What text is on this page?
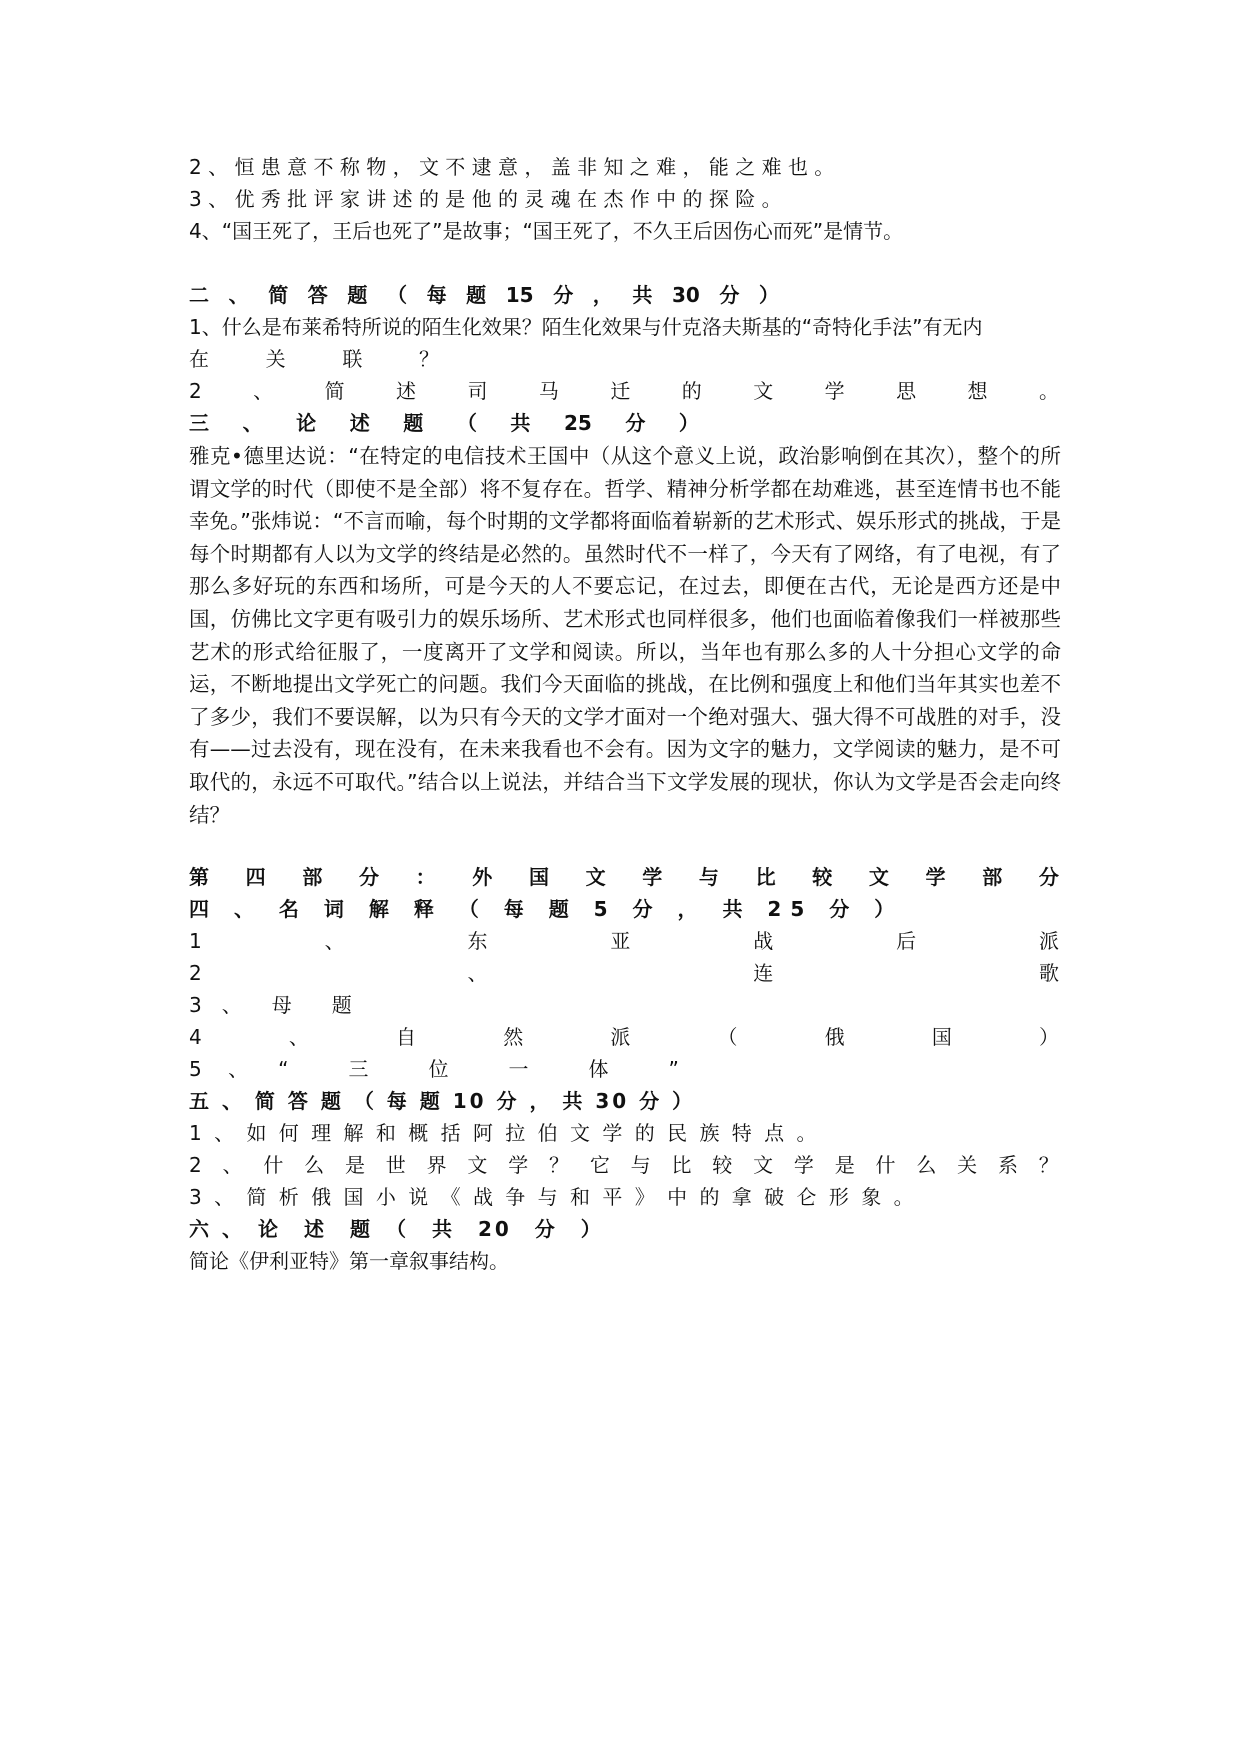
2 、 恒 患 意 不 称 物 ， 文 不 逮 意 ， 盖 非 知 之 难 ， 能 之 难 也 。
3 、 优 秀 批 评 家 讲 述 的 是 他 的 灵 魂 在 杰 作 中 的 探 险 。
4、“国王死了，王后也死了”是故事；“国王死了，不久王后因伤心而死”是情节。
二 、 简 答 题 （ 每 题 15 分 ， 共 30 分 ）
1、什么是布莱希特所说的陌生化效果？陌生化效果与什克洛夫斯基的“奇特化手法”有无内
在	关	联	？
2	、	简	述	司	马	迁	的	文	学	思	想	。
三 、 论 述 题 （ 共 25 分 ）
雅克•德里达说：“在特定的电信技术王国中（从这个意义上说，政治影响倒在其次），整个的所谓文学的时代（即使不是全部）将不复存在。哲学、精神分析学都在劫难逃，甚至连情书也不能幸免。”张炜说：“不言而喻，每个时期的文学都将面临着崭新的艺术形式、娱乐形式的挑战，于是每个时期都有人以为文学的终结是必然的。虽然时代不一样了，今天有了网络，有了电视，有了那么多好玩的东西和场所，可是今天的人不要忘记，在过去，即便在古代，无论是西方还是中国，仿佛比文字更有吸引力的娱乐场所、艺术形式也同样很多，他们也面临着像我们一样被那些艺术的形式给征服了，一度离开了文学和阅读。所以，当年也有那么多的人十分担心文学的命运，不断地提出文学死亡的问题。我们今天面临的挑战，在比例和强度上和他们当年其实也差不了多少，我们不要误解，以为只有今天的文学才面对一个绝对强大、强大得不可战胜的对手，没有——过去没有，现在没有，在未来我看也不会有。因为文字的魅力，文学阅读的魅力，是不可取代的，永远不可取代。”结合以上说法，并结合当下文学发展的现状，你认为文学是否会走向终结？
第 四 部 分 ： 外 国 文 学 与 比 较 文 学 部 分
四 、 名 词 解 释 （ 每 题 5 分 ， 共 25 分 ）
1	、	东	亚	战	后	派
2	、	连	歌
3　、　　母　　题
4	、	自	然	派	（	俄	国	）
5　 、　　“　　　三　　　位　　　一　　　体　　　”
五 、 简 答 题 （ 每 题 10 分 ， 共 30 分 ）
1 、 如 何 理 解 和 概 括 阿 拉 伯 文 学 的 民 族 特 点 。
2 、 什 么 是 世 界 文 学 ？ 它 与 比 较 文 学 是 什 么 关 系 ？
3 、 简 析 俄 国 小 说 《 战 争 与 和 平 》 中 的 拿 破 仑 形 象 。
六 、　论　述　题　（　共　20　分　）
简论《伊利亚特》第一章叙事结构。
